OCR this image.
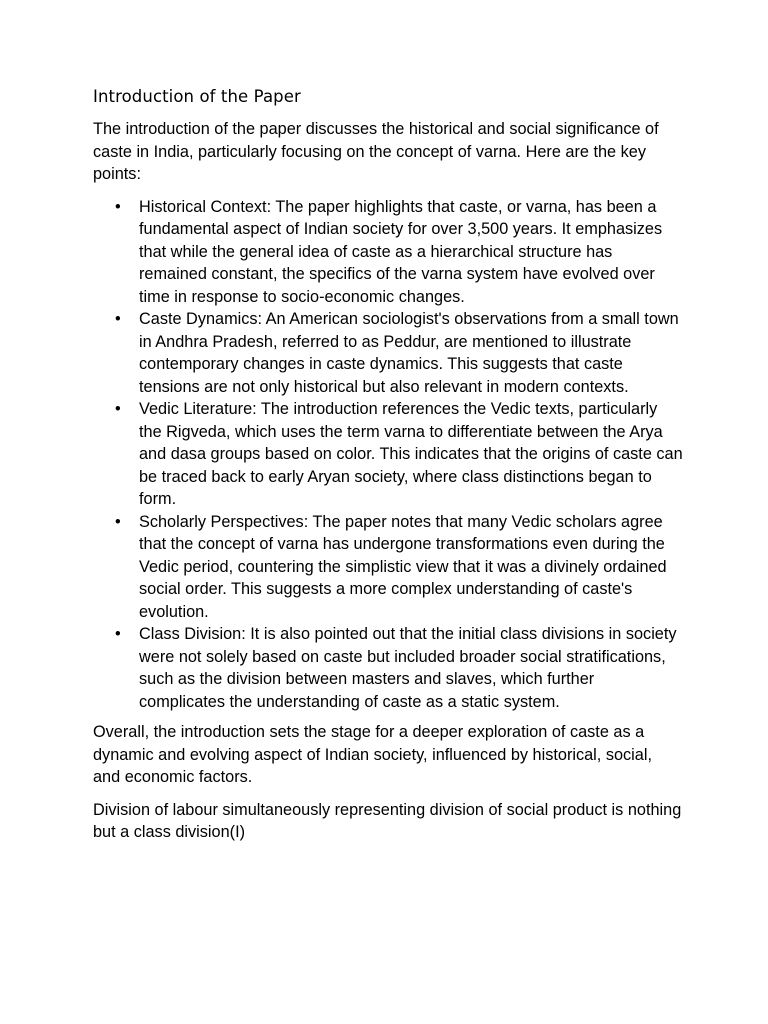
Introduction of the Paper

The introduction of the paper discusses the historical and social significance of caste in India, particularly focusing on the concept of varna. Here are the key points:

• Historical Context: The paper highlights that caste, or varna, has been a fundamental aspect of Indian society for over 3,500 years. It emphasizes that while the general idea of caste as a hierarchical structure has remained constant, the specifics of the varna system have evolved over time in response to socio-economic changes.
• Caste Dynamics: An American sociologist's observations from a small town in Andhra Pradesh, referred to as Peddur, are mentioned to illustrate contemporary changes in caste dynamics. This suggests that caste tensions are not only historical but also relevant in modern contexts.
• Vedic Literature: The introduction references the Vedic texts, particularly the Rigveda, which uses the term varna to differentiate between the Arya and dasa groups based on color. This indicates that the origins of caste can be traced back to early Aryan society, where class distinctions began to form.
• Scholarly Perspectives: The paper notes that many Vedic scholars agree that the concept of varna has undergone transformations even during the Vedic period, countering the simplistic view that it was a divinely ordained social order. This suggests a more complex understanding of caste's evolution.
• Class Division: It is also pointed out that the initial class divisions in society were not solely based on caste but included broader social stratifications, such as the division between masters and slaves, which further complicates the understanding of caste as a static system.

Overall, the introduction sets the stage for a deeper exploration of caste as a dynamic and evolving aspect of Indian society, influenced by historical, social, and economic factors.

Division of labour simultaneously representing division of social product is nothing but a class division(I)
